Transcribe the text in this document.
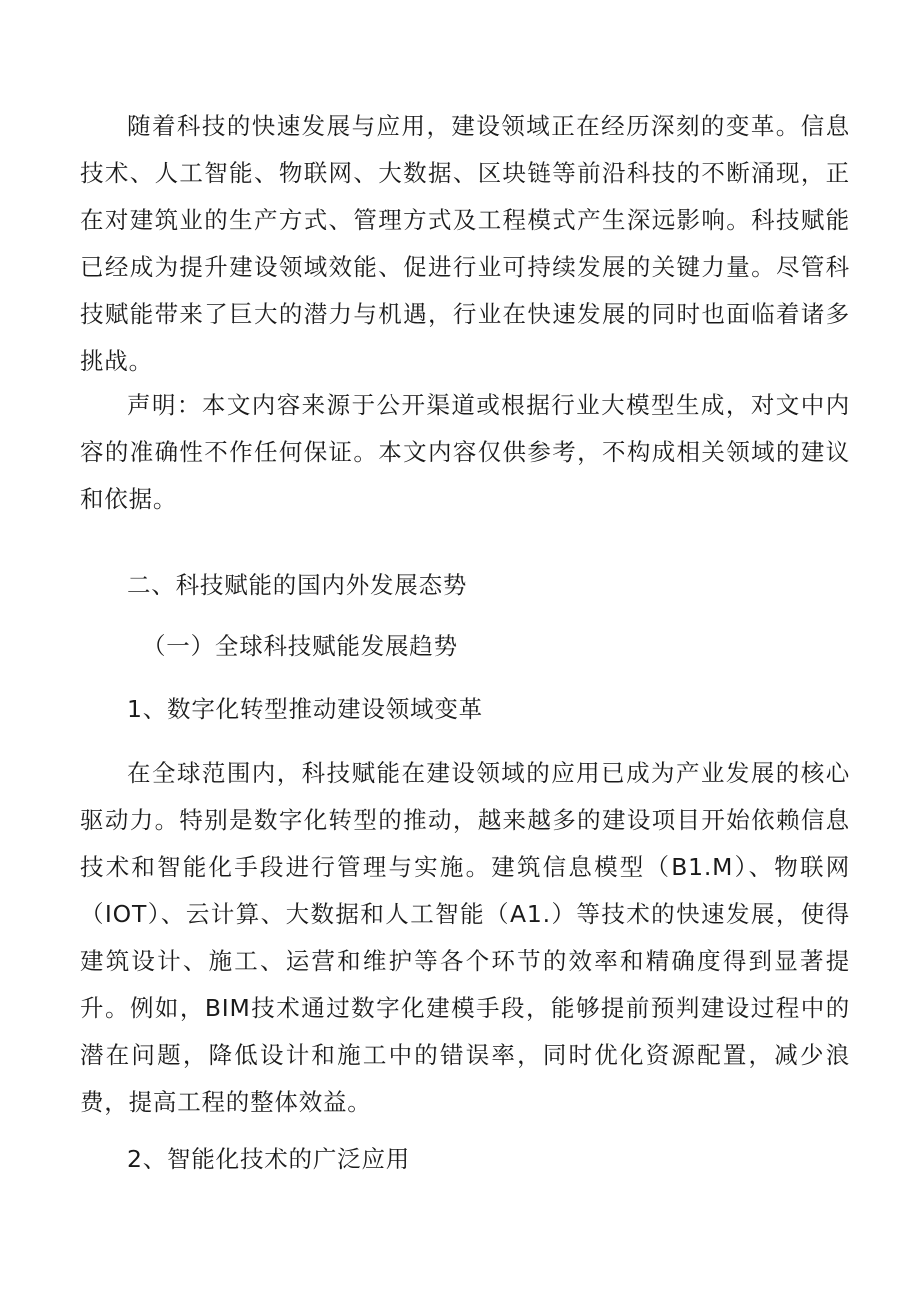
随着科技的快速发展与应用，建设领域正在经历深刻的变革。信息技术、人工智能、物联网、大数据、区块链等前沿科技的不断涌现，正在对建筑业的生产方式、管理方式及工程模式产生深远影响。科技赋能已经成为提升建设领域效能、促进行业可持续发展的关键力量。尽管科技赋能带来了巨大的潜力与机遇，行业在快速发展的同时也面临着诸多挑战。

声明：本文内容来源于公开渠道或根据行业大模型生成，对文中内容的准确性不作任何保证。本文内容仅供参考，不构成相关领域的建议和依据。

二、科技赋能的国内外发展态势
（一）全球科技赋能发展趋势
1、数字化转型推动建设领域变革

在全球范围内，科技赋能在建设领域的应用已成为产业发展的核心驱动力。特别是数字化转型的推动，越来越多的建设项目开始依赖信息技术和智能化手段进行管理与实施。建筑信息模型（B1.M）、物联网（IOT）、云计算、大数据和人工智能（A1.）等技术的快速发展，使得建筑设计、施工、运营和维护等各个环节的效率和精确度得到显著提升。例如，BIM技术通过数字化建模手段，能够提前预判建设过程中的潜在问题，降低设计和施工中的错误率，同时优化资源配置，减少浪费，提高工程的整体效益。

2、智能化技术的广泛应用
